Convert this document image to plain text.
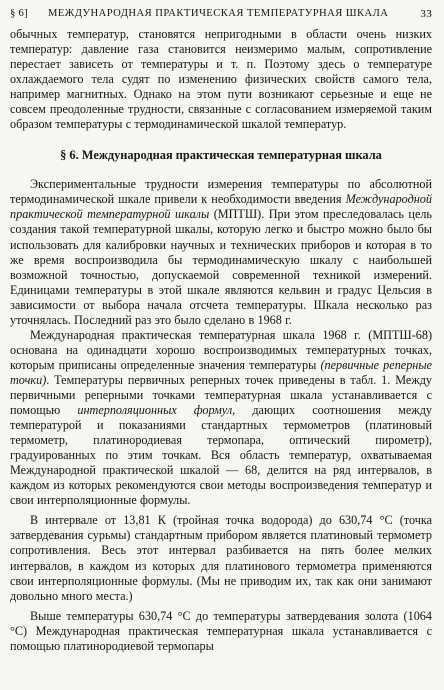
§ 6] МЕЖДУНАРОДНАЯ ПРАКТИЧЕСКАЯ ТЕМПЕРАТУРНАЯ ШКАЛА	33

обычных температур, становятся непригодными в области очень низких температур: давление газа становится неизмеримо малым, сопротивление перестает зависеть от температуры и т. п. Поэтому здесь о температуре охлаждаемого тела судят по изменению физических свойств самого тела, например магнитных. Однако на этом пути возникают серьезные и еще не совсем преодоленные трудности, связанные с согласованием измеряемой таким образом температуры с термодинамической шкалой температур.

§ 6. Международная практическая температурная шкала

Экспериментальные трудности измерения температуры по абсолютной термодинамической шкале привели к необходимости введения Международной практической температурной шкалы (МПТШ). При этом преследовалась цель создания такой температурной шкалы, которую легко и быстро можно было бы использовать для калибровки научных и технических приборов и которая в то же время воспроизводила бы термодинамическую шкалу с наибольшей возможной точностью, допускаемой современной техникой измерений. Единицами температуры в этой шкале являются кельвин и градус Цельсия в зависимости от выбора начала отсчета температуры. Шкала несколько раз уточнялась. Последний раз это было сделано в 1968 г.

Международная практическая температурная шкала 1968 г. (МПТШ-68) основана на одинадцати хорошо воспроизводимых температурных точках, которым приписаны определенные значения температуры (первичные реперные точки). Температуры первичных реперных точек приведены в табл. 1. Между первичными реперными точками температурная шкала устанавливается с помощью интерполяционных формул, дающих соотношения между температурой и показаниями стандартных термометров (платиновый термометр, платинородиевая термопара, оптический пирометр), градуированных по этим точкам. Вся область температур, охватываемая Международной практической шкалой — 68, делится на ряд интервалов, в каждом из которых рекомендуются свои методы воспроизведения температур и свои интерполяционные формулы.

В интервале от 13,81 К (тройная точка водорода) до 630,74 °С (точка затвердевания сурьмы) стандартным прибором является платиновый термометр сопротивления. Весь этот интервал разбивается на пять более мелких интервалов, в каждом из которых для платинового термометра применяются свои интерполяционные формулы. (Мы не приводим их, так как они занимают довольно много места.)

Выше температуры 630,74 °С до температуры затвердевания золота (1064 °С) Международная практическая температурная шкала устанавливается с помощью платинородиевой термопары
